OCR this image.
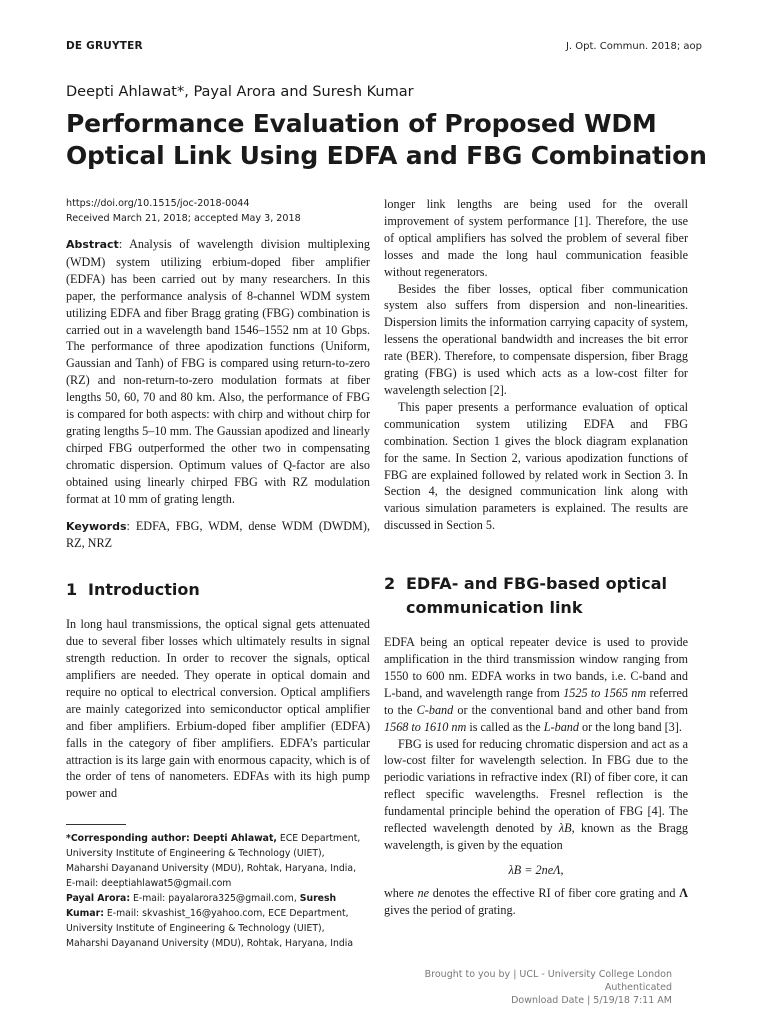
DE GRUYTER	J. Opt. Commun. 2018; aop
Deepti Ahlawat*, Payal Arora and Suresh Kumar
Performance Evaluation of Proposed WDM Optical Link Using EDFA and FBG Combination
https://doi.org/10.1515/joc-2018-0044
Received March 21, 2018; accepted May 3, 2018

Abstract: Analysis of wavelength division multiplexing (WDM) system utilizing erbium-doped fiber amplifier (EDFA) has been carried out by many researchers. In this paper, the performance analysis of 8-channel WDM system utilizing EDFA and fiber Bragg grating (FBG) combination is carried out in a wavelength band 1546–1552 nm at 10 Gbps. The performance of three apodization functions (Uniform, Gaussian and Tanh) of FBG is compared using return-to-zero (RZ) and non-return-to-zero modulation formats at fiber lengths 50, 60, 70 and 80 km. Also, the performance of FBG is compared for both aspects: with chirp and without chirp for grating lengths 5–10 mm. The Gaussian apodized and linearly chirped FBG outperformed the other two in compensating chromatic dispersion. Optimum values of Q-factor are also obtained using linearly chirped FBG with RZ modulation format at 10 mm of grating length.

Keywords: EDFA, FBG, WDM, dense WDM (DWDM), RZ, NRZ

1 Introduction

In long haul transmissions, the optical signal gets attenuated due to several fiber losses which ultimately results in signal strength reduction. In order to recover the signals, optical amplifiers are needed. They operate in optical domain and require no optical to electrical conversion. Optical amplifiers are mainly categorized into semiconductor optical amplifier and fiber amplifiers. Erbium-doped fiber amplifier (EDFA) falls in the category of fiber amplifiers. EDFA’s particular attraction is its large gain with enormous capacity, which is of the order of tens of nanometers. EDFAs with its high pump power and

longer link lengths are being used for the overall improvement of system performance [1]. Therefore, the use of optical amplifiers has solved the problem of several fiber losses and made the long haul communication feasible without regenerators.

Besides the fiber losses, optical fiber communication system also suffers from dispersion and non-linearities. Dispersion limits the information carrying capacity of system, lessens the operational bandwidth and increases the bit error rate (BER). Therefore, to compensate dispersion, fiber Bragg grating (FBG) is used which acts as a low-cost filter for wavelength selection [2].

This paper presents a performance evaluation of optical communication system utilizing EDFA and FBG combination. Section 1 gives the block diagram explanation for the same. In Section 2, various apodization functions of FBG are explained followed by related work in Section 3. In Section 4, the designed communication link along with various simulation parameters is explained. The results are discussed in Section 5.

2 EDFA- and FBG-based optical communication link

EDFA being an optical repeater device is used to provide amplification in the third transmission window ranging from 1550 to 600 nm. EDFA works in two bands, i.e. C-band and L-band, and wavelength range from 1525 to 1565 nm referred to the C-band or the conventional band and other band from 1568 to 1610 nm is called as the L-band or the long band [3].

FBG is used for reducing chromatic dispersion and act as a low-cost filter for wavelength selection. In FBG due to the periodic variations in refractive index (RI) of fiber core, it can reflect specific wavelengths. Fresnel reflection is the fundamental principle behind the operation of FBG [4]. The reflected wavelength denoted by λB, known as the Bragg wavelength, is given by the equation

λB = 2neΛ,

where ne denotes the effective RI of fiber core grating and Λ gives the period of grating.

*Corresponding author: Deepti Ahlawat, ECE Department, University Institute of Engineering & Technology (UIET), Maharshi Dayanand University (MDU), Rohtak, Haryana, India,
E-mail: deeptiahlawat5@gmail.com
Payal Arora: E-mail: payalarora325@gmail.com, Suresh Kumar: E-mail: skvashist_16@yahoo.com, ECE Department, University Institute of Engineering & Technology (UIET), Maharshi Dayanand University (MDU), Rohtak, Haryana, India
Brought to you by | UCL - University College London
Authenticated
Download Date | 5/19/18 7:11 AM
